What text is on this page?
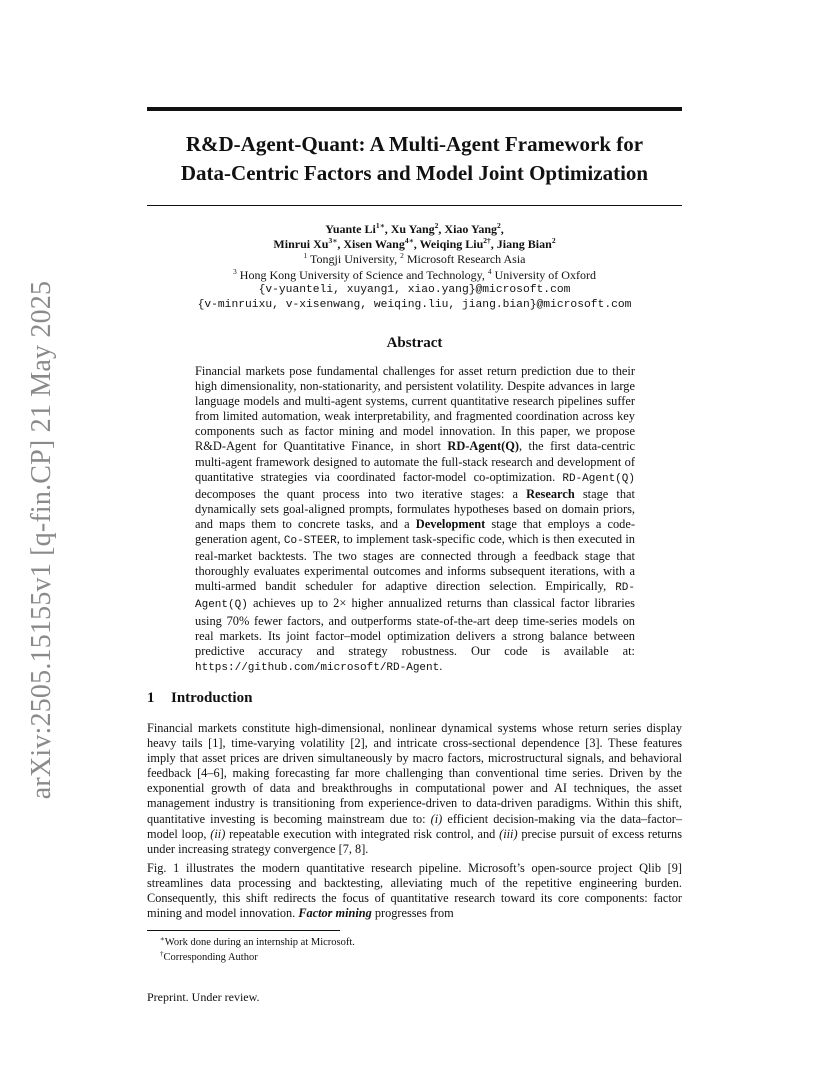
arXiv:2505.15155v1 [q-fin.CP] 21 May 2025
R&D-Agent-Quant: A Multi-Agent Framework for
Data-Centric Factors and Model Joint Optimization
Yuante $Li^{1∗}$, Xu Yang$^2$, Xiao Yang$^2$,
Minrui $Xu^{3∗}$, Xisen Wang$^{4∗}$, Weiqing Liu$^{2\dagger}$, Jiang Bian$^2$
$^1$ Tongji University, $^2$ Microsoft Research Asia
$^3$ Hong Kong University of Science and Technology, $^4$ University of Oxford
{v-yuanteli, xuyang1, xiao.yang}@microsoft.com
{v-minruixu, v-xisenwang, weiqing.liu, jiang.bian}@microsoft.com
Abstract
Financial markets pose fundamental challenges for asset return prediction due to their high dimensionality, non-stationarity, and persistent volatility. Despite advances in large language models and multi-agent systems, current quantitative research pipelines suffer from limited automation, weak interpretability, and fragmented coordination across key components such as factor mining and model innovation. In this paper, we propose R&D-Agent for Quantitative Finance, in short RD-Agent(Q), the first data-centric multi-agent framework designed to automate the full-stack research and development of quantitative strategies via coordinated factor-model co-optimization. RD-Agent(Q) decomposes the quant process into two iterative stages: a Research stage that dynamically sets goal-aligned prompts, formulates hypotheses based on domain priors, and maps them to concrete tasks, and a Development stage that employs a code-generation agent, Co-STEER, to implement task-specific code, which is then executed in real-market backtests. The two stages are connected through a feedback stage that thoroughly evaluates experimental outcomes and informs subsequent iterations, with a multi-armed bandit scheduler for adaptive direction selection. Empirically, RD-Agent(Q) achieves up to 2× higher annualized returns than classical factor libraries using 70% fewer factors, and outperforms state-of-the-art deep time-series models on real markets. Its joint factor–model optimization delivers a strong balance between predictive accuracy and strategy robustness. Our code is available at: https://github.com/microsoft/RD-Agent.
1 Introduction
Financial markets constitute high-dimensional, nonlinear dynamical systems whose return series display heavy tails [1], time-varying volatility [2], and intricate cross-sectional dependence [3]. These features imply that asset prices are driven simultaneously by macro factors, microstructural signals, and behavioral feedback [4–6], making forecasting far more challenging than conventional time series. Driven by the exponential growth of data and breakthroughs in computational power and AI techniques, the asset management industry is transitioning from experience-driven to data-driven paradigms. Within this shift, quantitative investing is becoming mainstream due to: (i) efficient decision-making via the data–factor–model loop, (ii) repeatable execution with integrated risk control, and (iii) precise pursuit of excess returns under increasing strategy convergence [7, 8].
Fig. 1 illustrates the modern quantitative research pipeline. Microsoft’s open-source project Qlib [9] streamlines data processing and backtesting, alleviating much of the repetitive engineering burden. Consequently, this shift redirects the focus of quantitative research toward its core components: factor mining and model innovation. Factor mining progresses from
∗Work done during an internship at Microsoft.
†Corresponding Author
Preprint. Under review.
